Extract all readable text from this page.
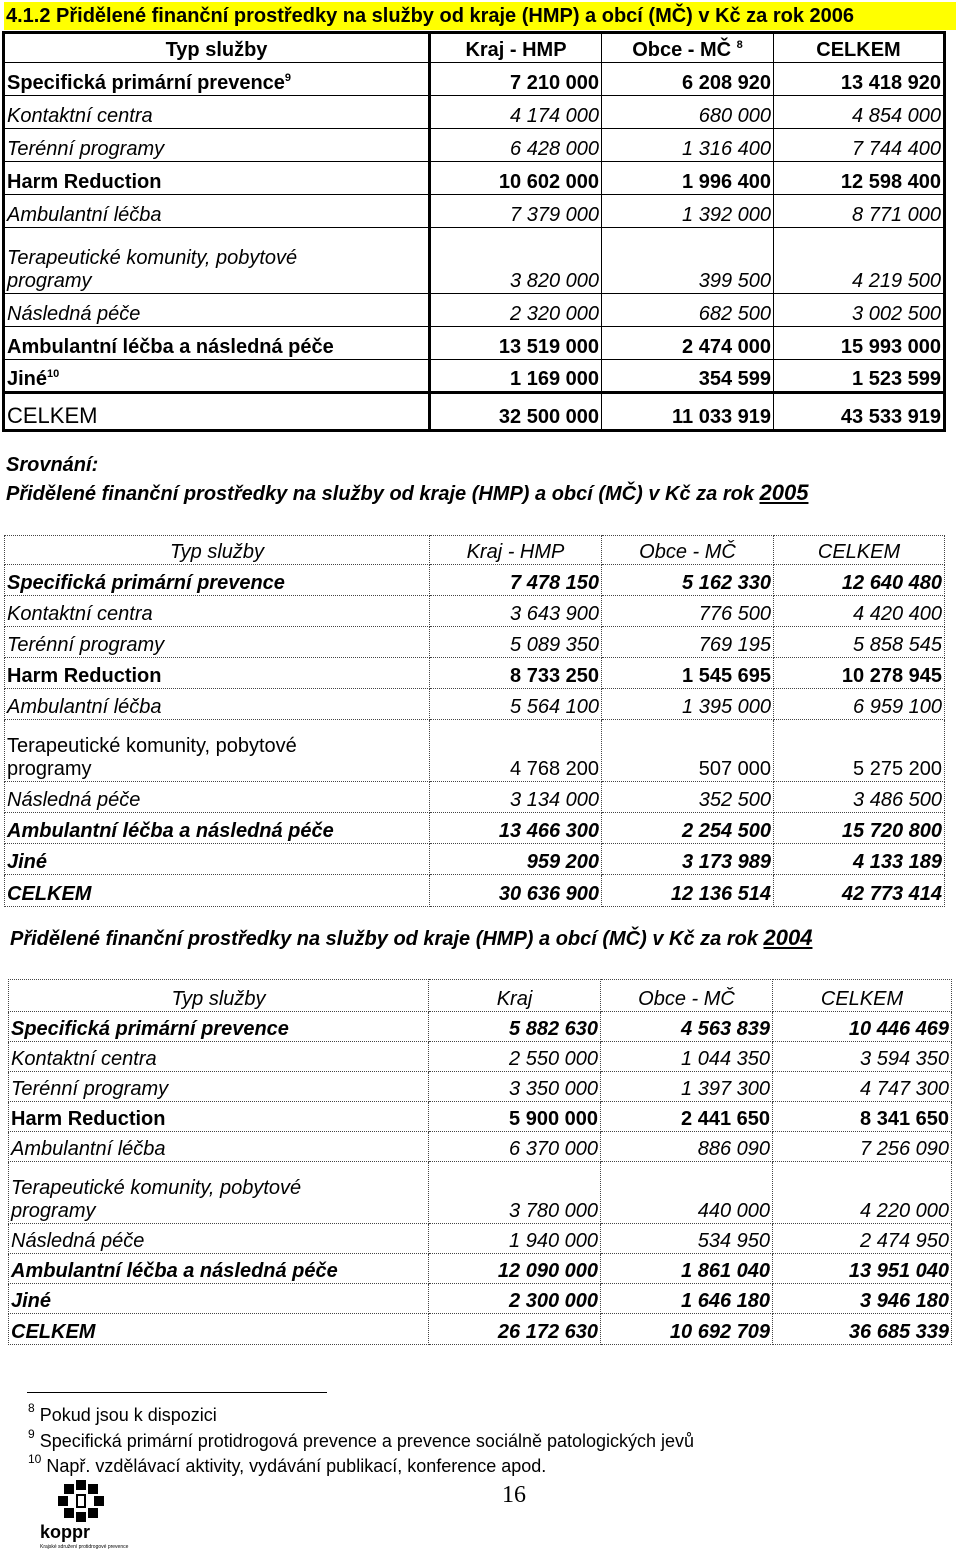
4.1.2 Přidělené finanční prostředky na služby od kraje (HMP) a obcí (MČ) v Kč za rok 2006
Typ služby	Kraj - HMP	Obce - MČ $^8$	CELKEM
Specifická primární prevence$^9$	7 210 000	6 208 920	13 418 920
Kontaktní centra	4 174 000	680 000	4 854 000
Terénní programy	6 428 000	1 316 400	7 744 400
Harm Reduction	10 602 000	1 996 400	12 598 400
Ambulantní léčba	7 379 000	1 392 000	8 771 000
Terapeutické komunity, pobytové
programy	3 820 000	399 500	4 219 500
Následná péče	2 320 000	682 500	3 002 500
Ambulantní léčba a následná péče	13 519 000	2 474 000	15 993 000
Jiné$^{10}$	1 169 000	354 599	1 523 599
CELKEM	32 500 000	11 033 919	43 533 919
Srovnání:
Přidělené finanční prostředky na služby od kraje (HMP) a obcí (MČ) v Kč za rok 2005
Typ služby	Kraj - HMP	Obce - MČ	CELKEM
Specifická primární prevence	7 478 150	5 162 330	12 640 480
Kontaktní centra	3 643 900	776 500	4 420 400
Terénní programy	5 089 350	769 195	5 858 545
Harm Reduction	8 733 250	1 545 695	10 278 945
Ambulantní léčba	5 564 100	1 395 000	6 959 100
Terapeutické komunity, pobytové
programy	4 768 200	507 000	5 275 200
Následná péče	3 134 000	352 500	3 486 500
Ambulantní léčba a následná péče	13 466 300	2 254 500	15 720 800
Jiné	959 200	3 173 989	4 133 189
CELKEM	30 636 900	12 136 514	42 773 414
Přidělené finanční prostředky na služby od kraje (HMP) a obcí (MČ) v Kč za rok 2004
Typ služby	Kraj	Obce - MČ	CELKEM
Specifická primární prevence	5 882 630	4 563 839	10 446 469
Kontaktní centra	2 550 000	1 044 350	3 594 350
Terénní programy	3 350 000	1 397 300	4 747 300
Harm Reduction	5 900 000	2 441 650	8 341 650
Ambulantní léčba	6 370 000	886 090	7 256 090
Terapeutické komunity, pobytové
programy	3 780 000	440 000	4 220 000
Následná péče	1 940 000	534 950	2 474 950
Ambulantní léčba a následná péče	12 090 000	1 861 040	13 951 040
Jiné	2 300 000	1 646 180	3 946 180
CELKEM	26 172 630	10 692 709	36 685 339
$^8$ Pokud jsou k dispozici
$^9$ Specifická primární protidrogová prevence a prevence sociálně patologických jevů
$^{10}$ Např. vzdělávací aktivity, vydávání publikací, konference apod.
16
koppr
Krajské sdružení protidrogové prevence
